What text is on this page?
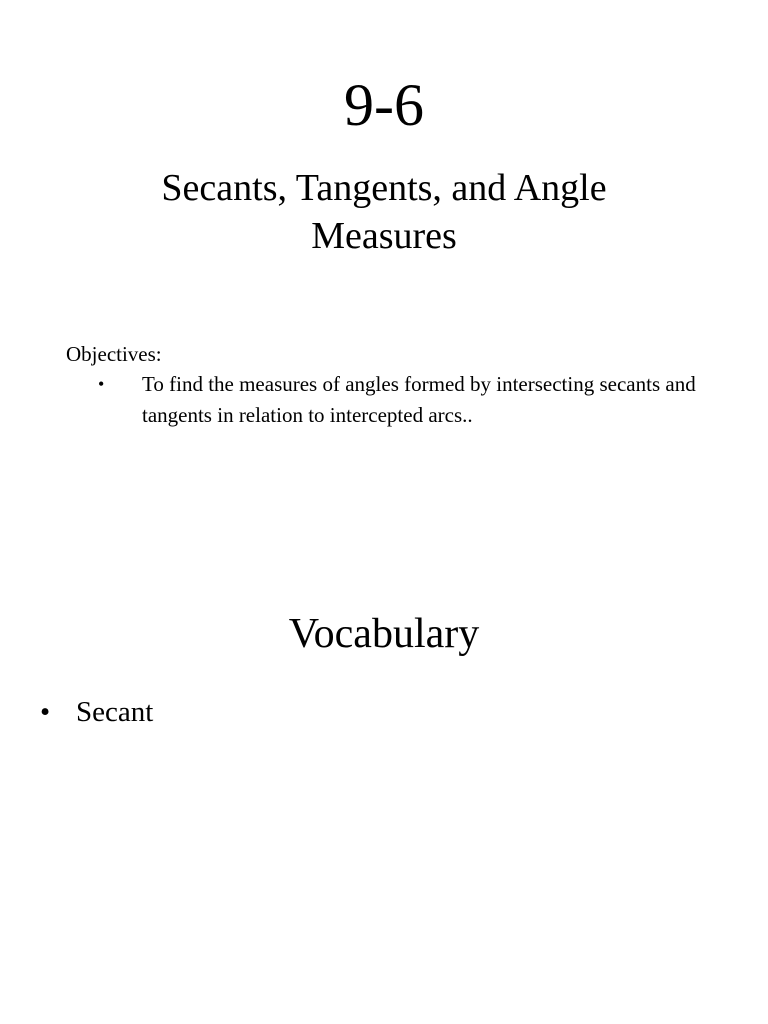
9-6
Secants, Tangents, and Angle Measures
Objectives:
•	To find the measures of angles formed by intersecting secants and tangents in relation to intercepted arcs..
Vocabulary
• Secant
